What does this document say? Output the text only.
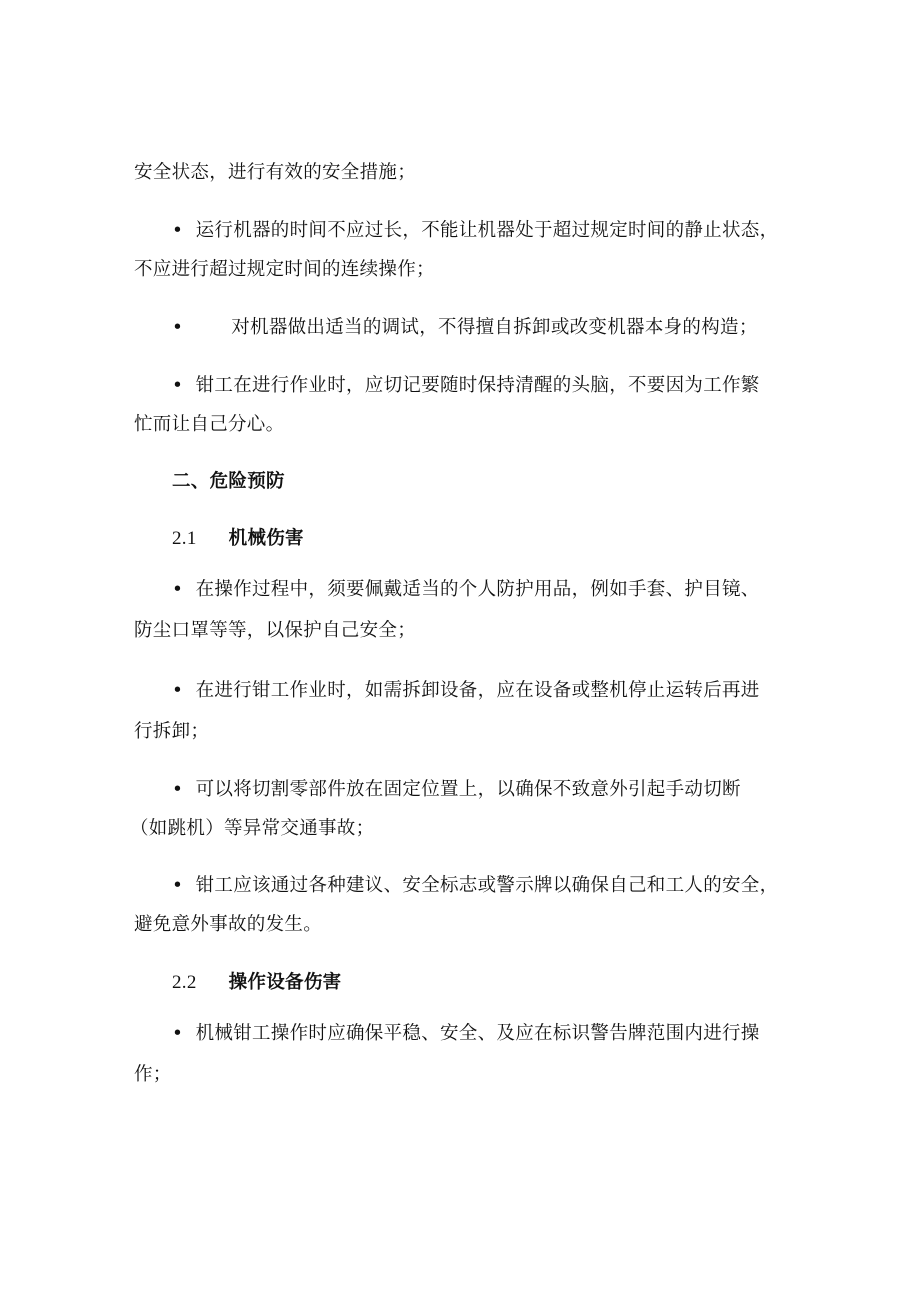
安全状态，进行有效的安全措施；

• 运行机器的时间不应过长，不能让机器处于超过规定时间的静止状态，

不应进行超过规定时间的连续操作；

•	对机器做出适当的调试，不得擅自拆卸或改变机器本身的构造；

• 钳工在进行作业时，应切记要随时保持清醒的头脑，不要因为工作繁

忙而让自己分心。

二、危险预防

2.1 机械伤害

• 在操作过程中，须要佩戴适当的个人防护用品，例如手套、护目镜、

防尘口罩等等，以保护自己安全；

• 在进行钳工作业时，如需拆卸设备，应在设备或整机停止运转后再进

行拆卸；

• 可以将切割零部件放在固定位置上，以确保不致意外引起手动切断

（如跳机）等异常交通事故；

• 钳工应该通过各种建议、安全标志或警示牌以确保自己和工人的安全，

避免意外事故的发生。

2.2 操作设备伤害

• 机械钳工操作时应确保平稳、安全、及应在标识警告牌范围内进行操

作；
